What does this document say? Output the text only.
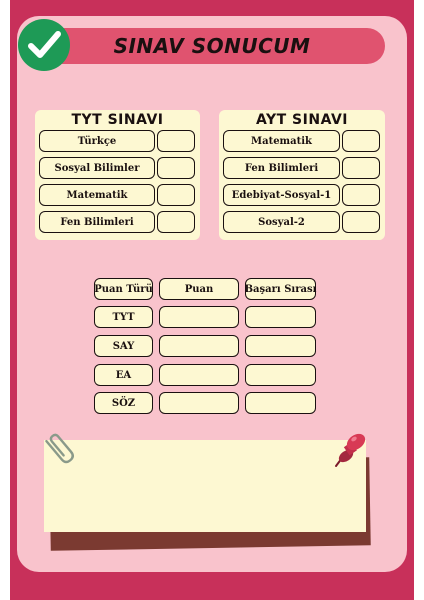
SINAV SONUCUM
TYT SINAVI
Türkçe
Sosyal Bilimler
Matematik
Fen Bilimleri
AYT SINAVI
Matematik
Fen Bilimleri
Edebiyat-Sosyal-1
Sosyal-2
Puan Türü	Puan	Başarı Sırası
TYT
SAY
EA
SÖZ
